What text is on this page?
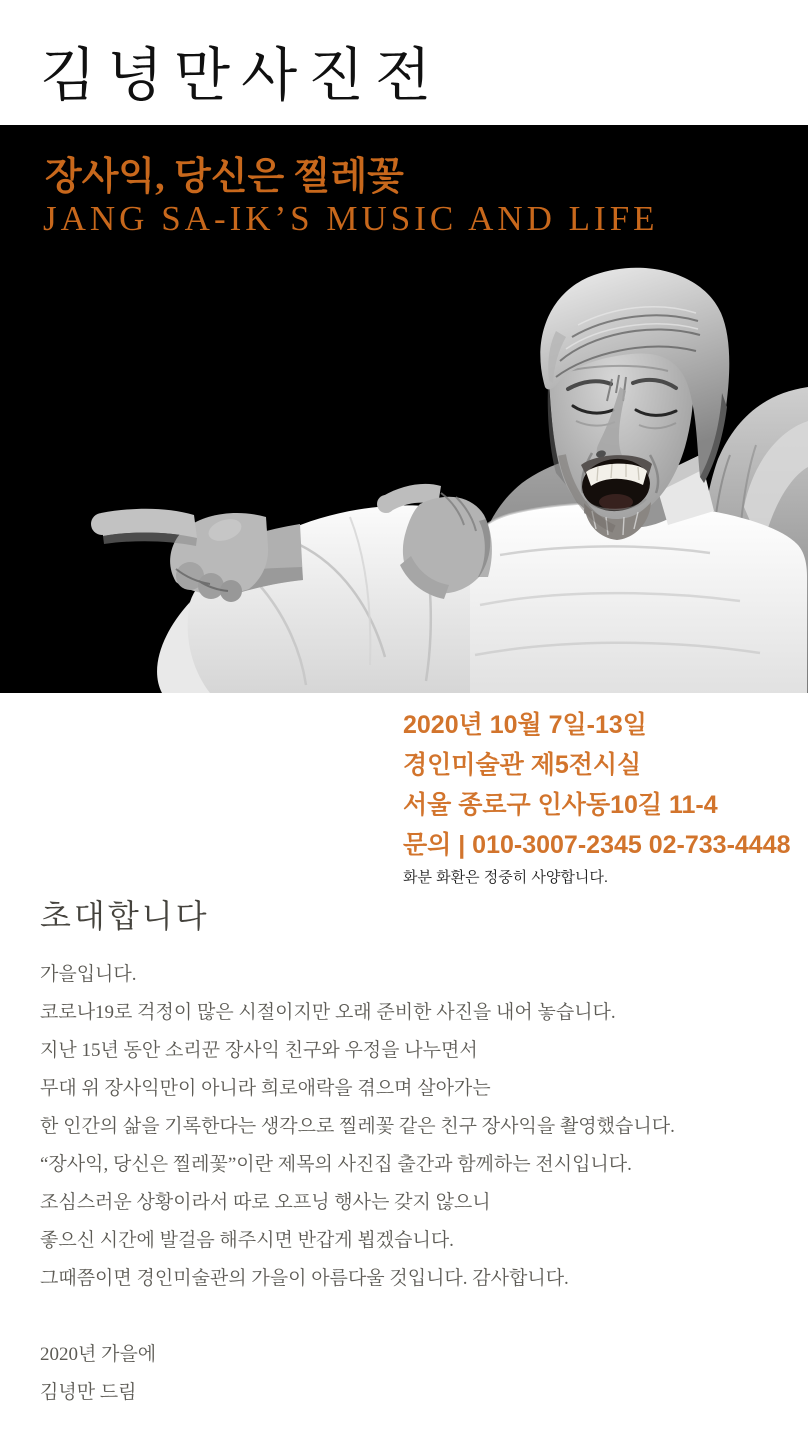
김녕만사진전
장사익, 당신은 찔레꽃
JANG SA-IK’S MUSIC AND LIFE
2020년 10월 7일-13일
경인미술관 제5전시실
서울 종로구 인사동10길 11-4
문의 | 010-3007-2345 02-733-4448
화분 화환은 정중히 사양합니다.
초대합니다
가을입니다.
코로나19로 걱정이 많은 시절이지만 오래 준비한 사진을 내어 놓습니다.
지난 15년 동안 소리꾼 장사익 친구와 우정을 나누면서
무대 위 장사익만이 아니라 희로애락을 겪으며 살아가는
한 인간의 삶을 기록한다는 생각으로 찔레꽃 같은 친구 장사익을 촬영했습니다.
“장사익, 당신은 찔레꽃”이란 제목의 사진집 출간과 함께하는 전시입니다.
조심스러운 상황이라서 따로 오프닝 행사는 갖지 않으니
좋으신 시간에 발걸음 해주시면 반갑게 뵙겠습니다.
그때쯤이면 경인미술관의 가을이 아름다울 것입니다. 감사합니다.
2020년 가을에
김녕만 드림
